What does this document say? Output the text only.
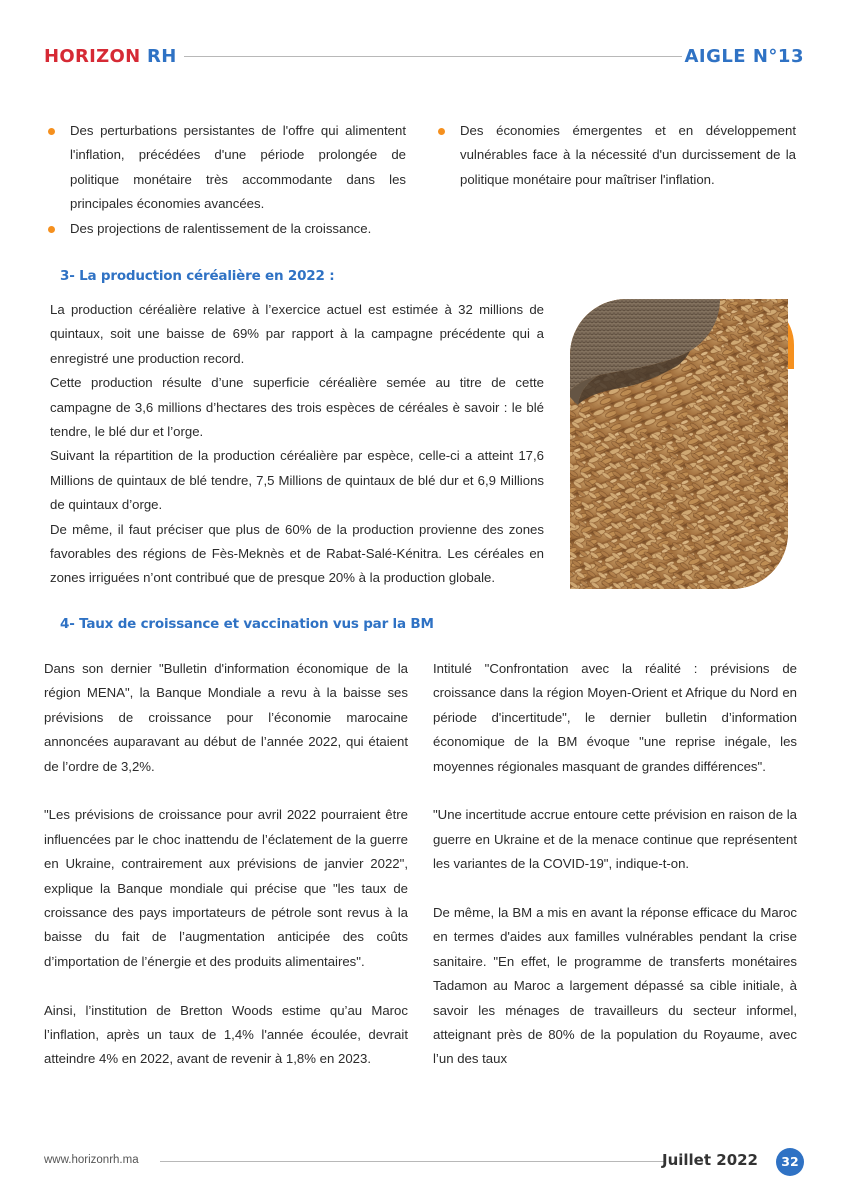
HORIZON RH	AIGLE N°13
Des perturbations persistantes de l'offre qui alimentent l'inflation, précédées d'une période prolongée de politique monétaire très accommodante dans les principales économies avancées.
Des projections de ralentissement de la croissance.
Des économies émergentes et en développement vulnérables face à la nécessité d'un durcissement de la politique monétaire pour maîtriser l'inflation.
3- La production céréalière en 2022 :

La production céréalière relative à l’exercice actuel est estimée à 32 millions de quintaux, soit une baisse de 69% par rapport à la campagne précédente qui a enregistré une production record.

Cette production résulte d’une superficie céréalière semée au titre de cette campagne de 3,6 millions d’hectares des trois espèces de céréales è savoir : le blé tendre, le blé dur et l’orge.

Suivant la répartition de la production céréalière par espèce, celle-ci a atteint 17,6 Millions de quintaux de blé tendre, 7,5 Millions de quintaux de blé dur et 6,9 Millions de quintaux d’orge.

De même, il faut préciser que plus de 60% de la production provienne des zones favorables des régions de Fès-Meknès et de Rabat-Salé-Kénitra. Les céréales en zones irriguées n’ont contribué que de presque 20% à la production globale.

4- Taux de croissance et vaccination vus par la BM

Dans son dernier "Bulletin d'information économique de la région MENA", la Banque Mondiale a revu à la baisse ses prévisions de croissance pour l’économie marocaine annoncées auparavant au début de l’année 2022, qui étaient de l’ordre de 3,2%.

"Les prévisions de croissance pour avril 2022 pourraient être influencées par le choc inattendu de l’éclatement de la guerre en Ukraine, contrairement aux prévisions de janvier 2022", explique la Banque mondiale qui précise que "les taux de croissance des pays importateurs de pétrole sont revus à la baisse du fait de l’augmentation anticipée des coûts d’importation de l’énergie et des produits alimentaires".

Ainsi, l’institution de Bretton Woods estime qu’au Maroc l’inflation, après un taux de 1,4% l'année écoulée, devrait atteindre 4% en 2022, avant de revenir à 1,8% en 2023.

Intitulé "Confrontation avec la réalité : prévisions de croissance dans la région Moyen-Orient et Afrique du Nord en période d'incertitude", le dernier bulletin d’information économique de la BM évoque "une reprise inégale, les moyennes régionales masquant de grandes différences".

"Une incertitude accrue entoure cette prévision en raison de la guerre en Ukraine et de la menace continue que représentent les variantes de la COVID-19", indique-t-on.

De même, la BM a mis en avant la réponse efficace du Maroc en termes d'aides aux familles vulnérables pendant la crise sanitaire. "En effet, le programme de transferts monétaires Tadamon au Maroc a largement dépassé sa cible initiale, à savoir les ménages de travailleurs du secteur informel, atteignant près de 80% de la population du Royaume, avec l’un des taux

www.horizonrh.ma	Juillet 2022	32
